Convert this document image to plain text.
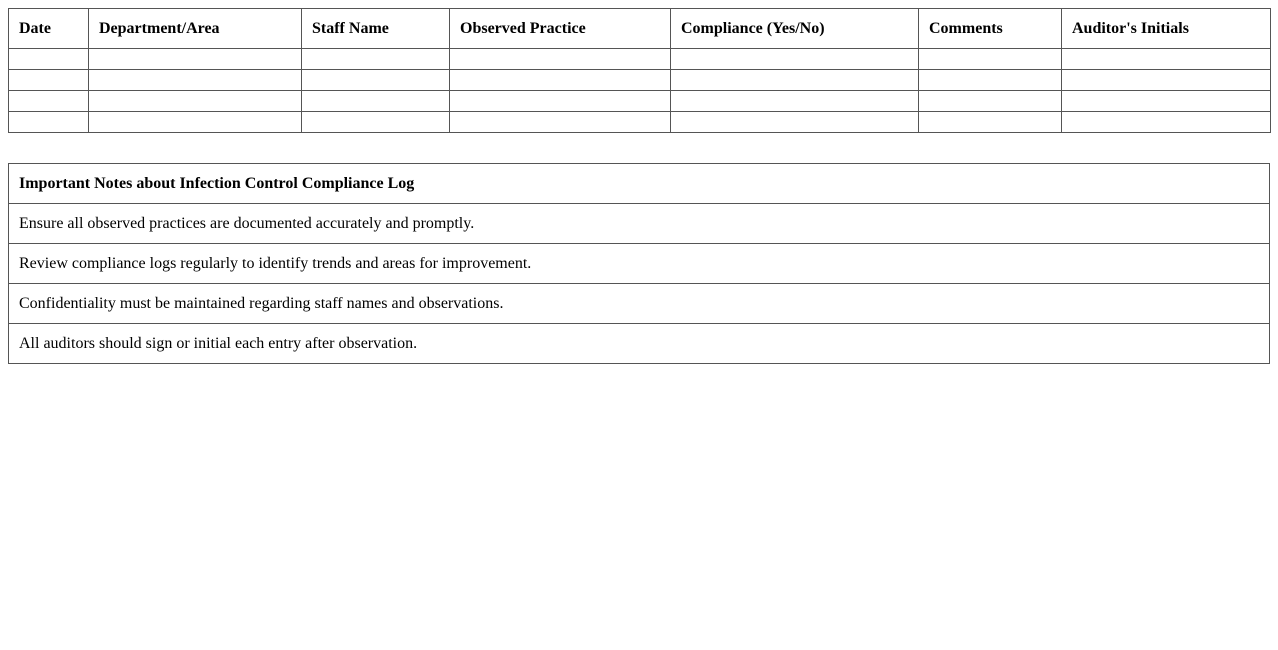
Date	Department/Area	Staff Name	Observed Practice	Compliance (Yes/No)	Comments	Auditor's Initials

Important Notes about Infection Control Compliance Log
Ensure all observed practices are documented accurately and promptly.
Review compliance logs regularly to identify trends and areas for improvement.
Confidentiality must be maintained regarding staff names and observations.
All auditors should sign or initial each entry after observation.
